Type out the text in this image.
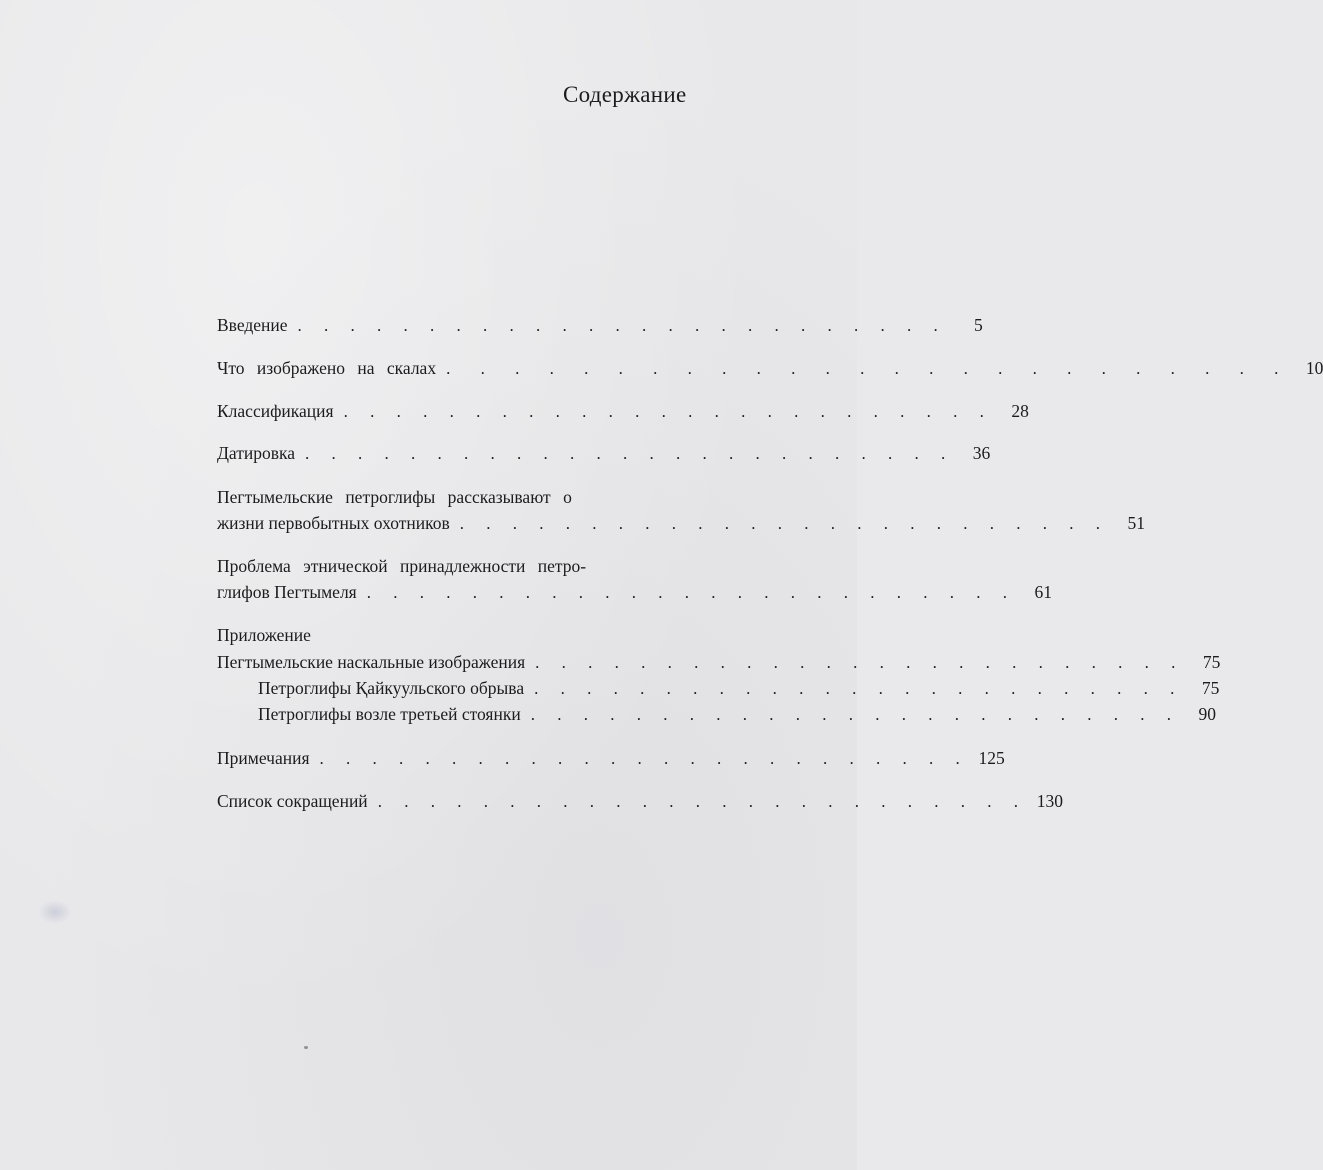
Содержание
Введение . . . . . . . . . . . . . . . . . . . . . . . . .	5
Что изображено на скалах . . . . . . . . . . . . . . . . . . . . . . . . .	10
Классификация . . . . . . . . . . . . . . . . . . . . . . . . .	28
Датировка . . . . . . . . . . . . . . . . . . . . . . . . .	36
Пегтымельские петроглифы рассказывают о
жизни первобытных охотников . . . . . . . . . . . . . . . . . . . . . . . . .	51
Проблема этнической принадлежности петро-
глифов Пегтымеля . . . . . . . . . . . . . . . . . . . . . . . . .	61
Приложение
Пегтымельские наскальные изображения . . . . . . . . . . . . . . . . . . . . . . . . .	75
Петроглифы Қайкуульского обрыва . . . . . . . . . . . . . . . . . . . . . . . . .	75
Петроглифы возле третьей стоянки . . . . . . . . . . . . . . . . . . . . . . . . .	90
Примечания . . . . . . . . . . . . . . . . . . . . . . . . . 125
Список сокращений . . . . . . . . . . . . . . . . . . . . . . . . . 130
